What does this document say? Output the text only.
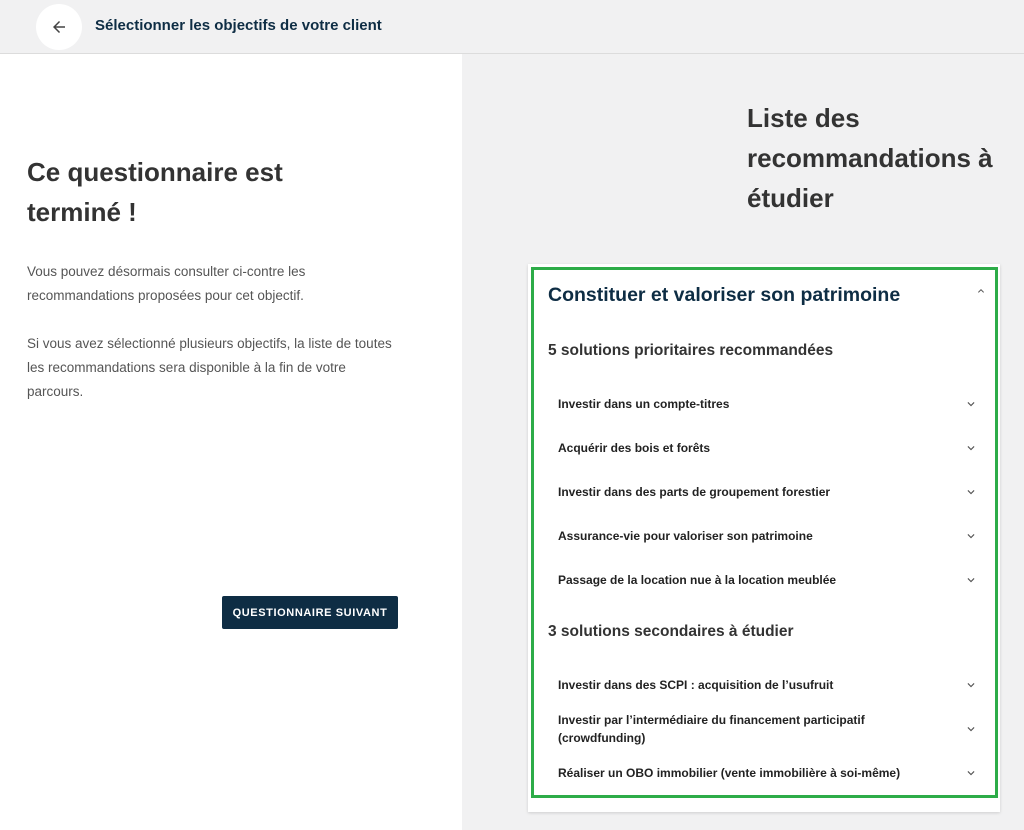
Sélectionner les objectifs de votre client
Ce questionnaire est terminé !

Vous pouvez désormais consulter ci-contre les recommandations proposées pour cet objectif.

Si vous avez sélectionné plusieurs objectifs, la liste de toutes les recommandations sera disponible à la fin de votre parcours.

QUESTIONNAIRE SUIVANT
Liste des recommandations à étudier
Constituer et valoriser son patrimoine
5 solutions prioritaires recommandées
Investir dans un compte-titres
Acquérir des bois et forêts
Investir dans des parts de groupement forestier
Assurance-vie pour valoriser son patrimoine
Passage de la location nue à la location meublée
3 solutions secondaires à étudier
Investir dans des SCPI : acquisition de l’usufruit
Investir par l’intermédiaire du financement participatif (crowdfunding)
Réaliser un OBO immobilier (vente immobilière à soi-même)
